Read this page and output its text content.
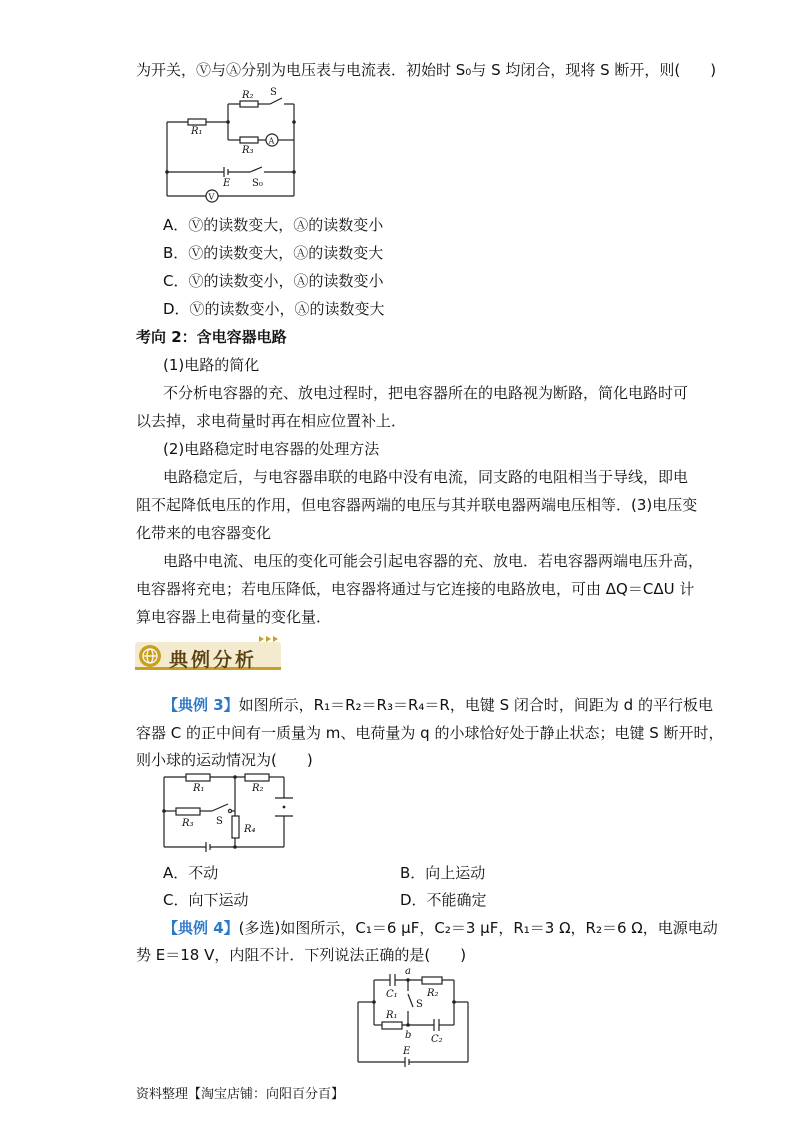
为开关，Ⓥ与Ⓐ分别为电压表与电流表．初始时 S₀与 S 均闭合，现将 S 断开，则(　　)
R₂ S
R₁
R₃
A
E S₀
V
A．Ⓥ的读数变大，Ⓐ的读数变小
B．Ⓥ的读数变大，Ⓐ的读数变大
C．Ⓥ的读数变小，Ⓐ的读数变小
D．Ⓥ的读数变小，Ⓐ的读数变大
考向 2：含电容器电路
(1)电路的简化
不分析电容器的充、放电过程时，把电容器所在的电路视为断路，简化电路时可
以去掉，求电荷量时再在相应位置补上．
(2)电路稳定时电容器的处理方法
电路稳定后，与电容器串联的电路中没有电流，同支路的电阻相当于导线，即电
阻不起降低电压的作用，但电容器两端的电压与其并联电器两端电压相等．(3)电压变
化带来的电容器变化
电路中电流、电压的变化可能会引起电容器的充、放电．若电容器两端电压升高，
电容器将充电；若电压降低，电容器将通过与它连接的电路放电，可由 ΔQ＝CΔU 计
算电容器上电荷量的变化量．
典例分析
【典例 3】如图所示，R₁＝R₂＝R₃＝R₄＝R，电键 S 闭合时，间距为 d 的平行板电
容器 C 的正中间有一质量为 m、电荷量为 q 的小球恰好处于静止状态；电键 S 断开时，
则小球的运动情况为(　　)
R₁	R₂
R₃ S
R₄
A．不动	B．向上运动
C．向下运动	D．不能确定
【典例 4】(多选)如图所示，C₁＝6 μF，C₂＝3 μF，R₁＝3 Ω，R₂＝6 Ω，电源电动
势 E＝18 V，内阻不计．下列说法正确的是(　　)
a
C₁	R₂
S
R₁
b C₂
E
资料整理【淘宝店铺：向阳百分百】
